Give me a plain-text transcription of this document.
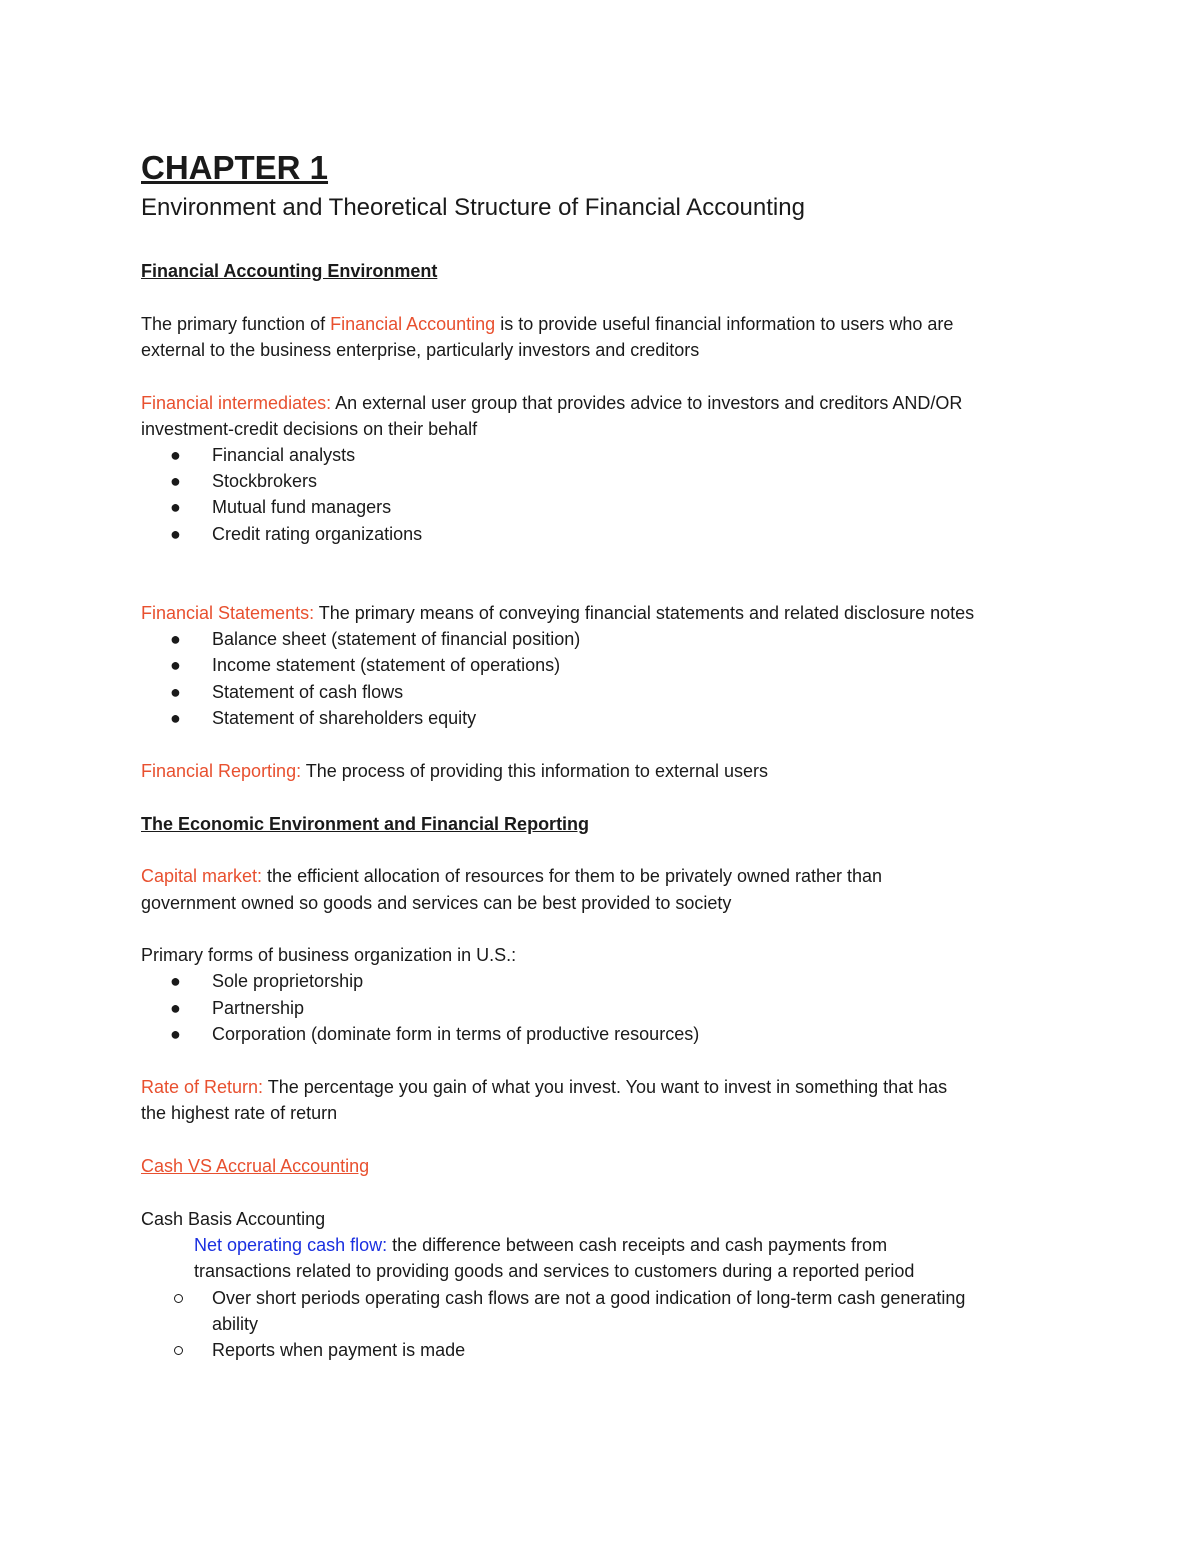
CHAPTER 1
Environment and Theoretical Structure of Financial Accounting

Financial Accounting Environment

The primary function of Financial Accounting is to provide useful financial information to users who are

external to the business enterprise, particularly investors and creditors

Financial intermediates: An external user group that provides advice to investors and creditors AND/OR

investment-credit decisions on their behalf

● Financial analysts

● Stockbrokers

● Mutual fund managers

● Credit rating organizations

Financial Statements: The primary means of conveying financial statements and related disclosure notes

● Balance sheet (statement of financial position)

● Income statement (statement of operations)

● Statement of cash flows

● Statement of shareholders equity

Financial Reporting: The process of providing this information to external users

The Economic Environment and Financial Reporting

Capital market: the efficient allocation of resources for them to be privately owned rather than

government owned so goods and services can be best provided to society

Primary forms of business organization in U.S.:

● Sole proprietorship

● Partnership

● Corporation (dominate form in terms of productive resources)

Rate of Return: The percentage you gain of what you invest. You want to invest in something that has

the highest rate of return

Cash VS Accrual Accounting

Cash Basis Accounting

Net operating cash flow: the difference between cash receipts and cash payments from

transactions related to providing goods and services to customers during a reported period

Over short periods operating cash flows are not a good indication of long-term cash generating

ability

Reports when payment is made
